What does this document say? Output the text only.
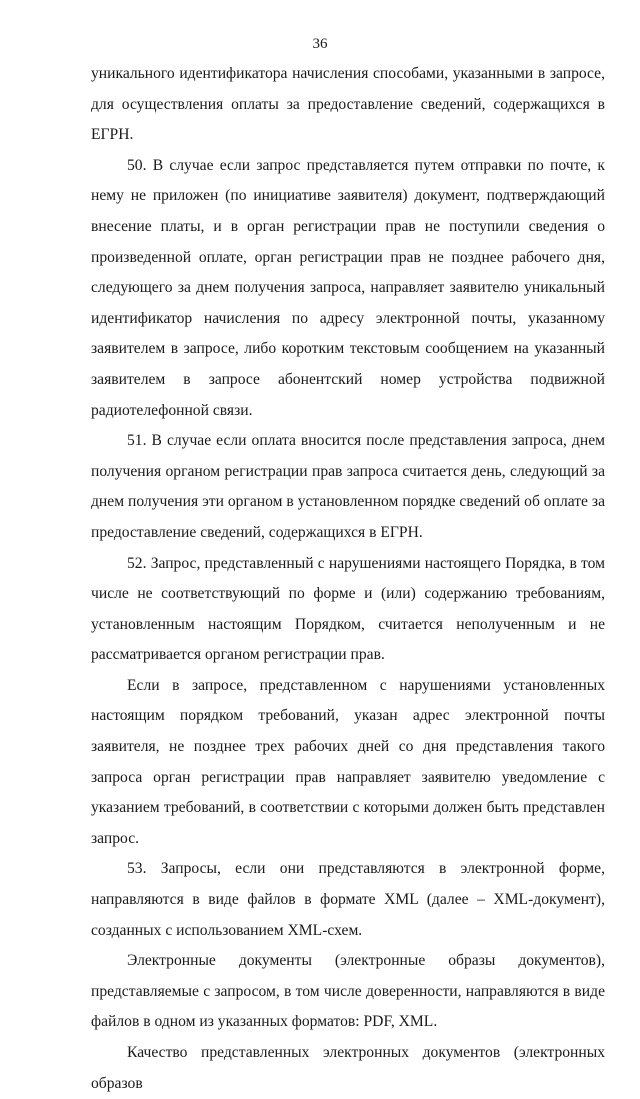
36

уникального идентификатора начисления способами, указанными в запросе, для осуществления оплаты за предоставление сведений, содержащихся в ЕГРН.

50. В случае если запрос представляется путем отправки по почте, к нему не приложен (по инициативе заявителя) документ, подтверждающий внесение платы, и в орган регистрации прав не поступили сведения о произведенной оплате, орган регистрации прав не позднее рабочего дня, следующего за днем получения запроса, направляет заявителю уникальный идентификатор начисления по адресу электронной почты, указанному заявителем в запросе, либо коротким текстовым сообщением на указанный заявителем в запросе абонентский номер устройства подвижной радиотелефонной связи.

51. В случае если оплата вносится после представления запроса, днем получения органом регистрации прав запроса считается день, следующий за днем получения эти органом в установленном порядке сведений об оплате за предоставление сведений, содержащихся в ЕГРН.

52. Запрос, представленный с нарушениями настоящего Порядка, в том числе не соответствующий по форме и (или) содержанию требованиям, установленным настоящим Порядком, считается неполученным и не рассматривается органом регистрации прав.

Если в запросе, представленном с нарушениями установленных настоящим порядком требований, указан адрес электронной почты заявителя, не позднее трех рабочих дней со дня представления такого запроса орган регистрации прав направляет заявителю уведомление с указанием требований, в соответствии с которыми должен быть представлен запрос.

53. Запросы, если они представляются в электронной форме, направляются в виде файлов в формате XML (далее – XML-документ), созданных с использованием XML-схем.

Электронные документы (электронные образы документов), представляемые с запросом, в том числе доверенности, направляются в виде файлов в одном из указанных форматов: PDF, XML.

Качество представленных электронных документов (электронных образов
